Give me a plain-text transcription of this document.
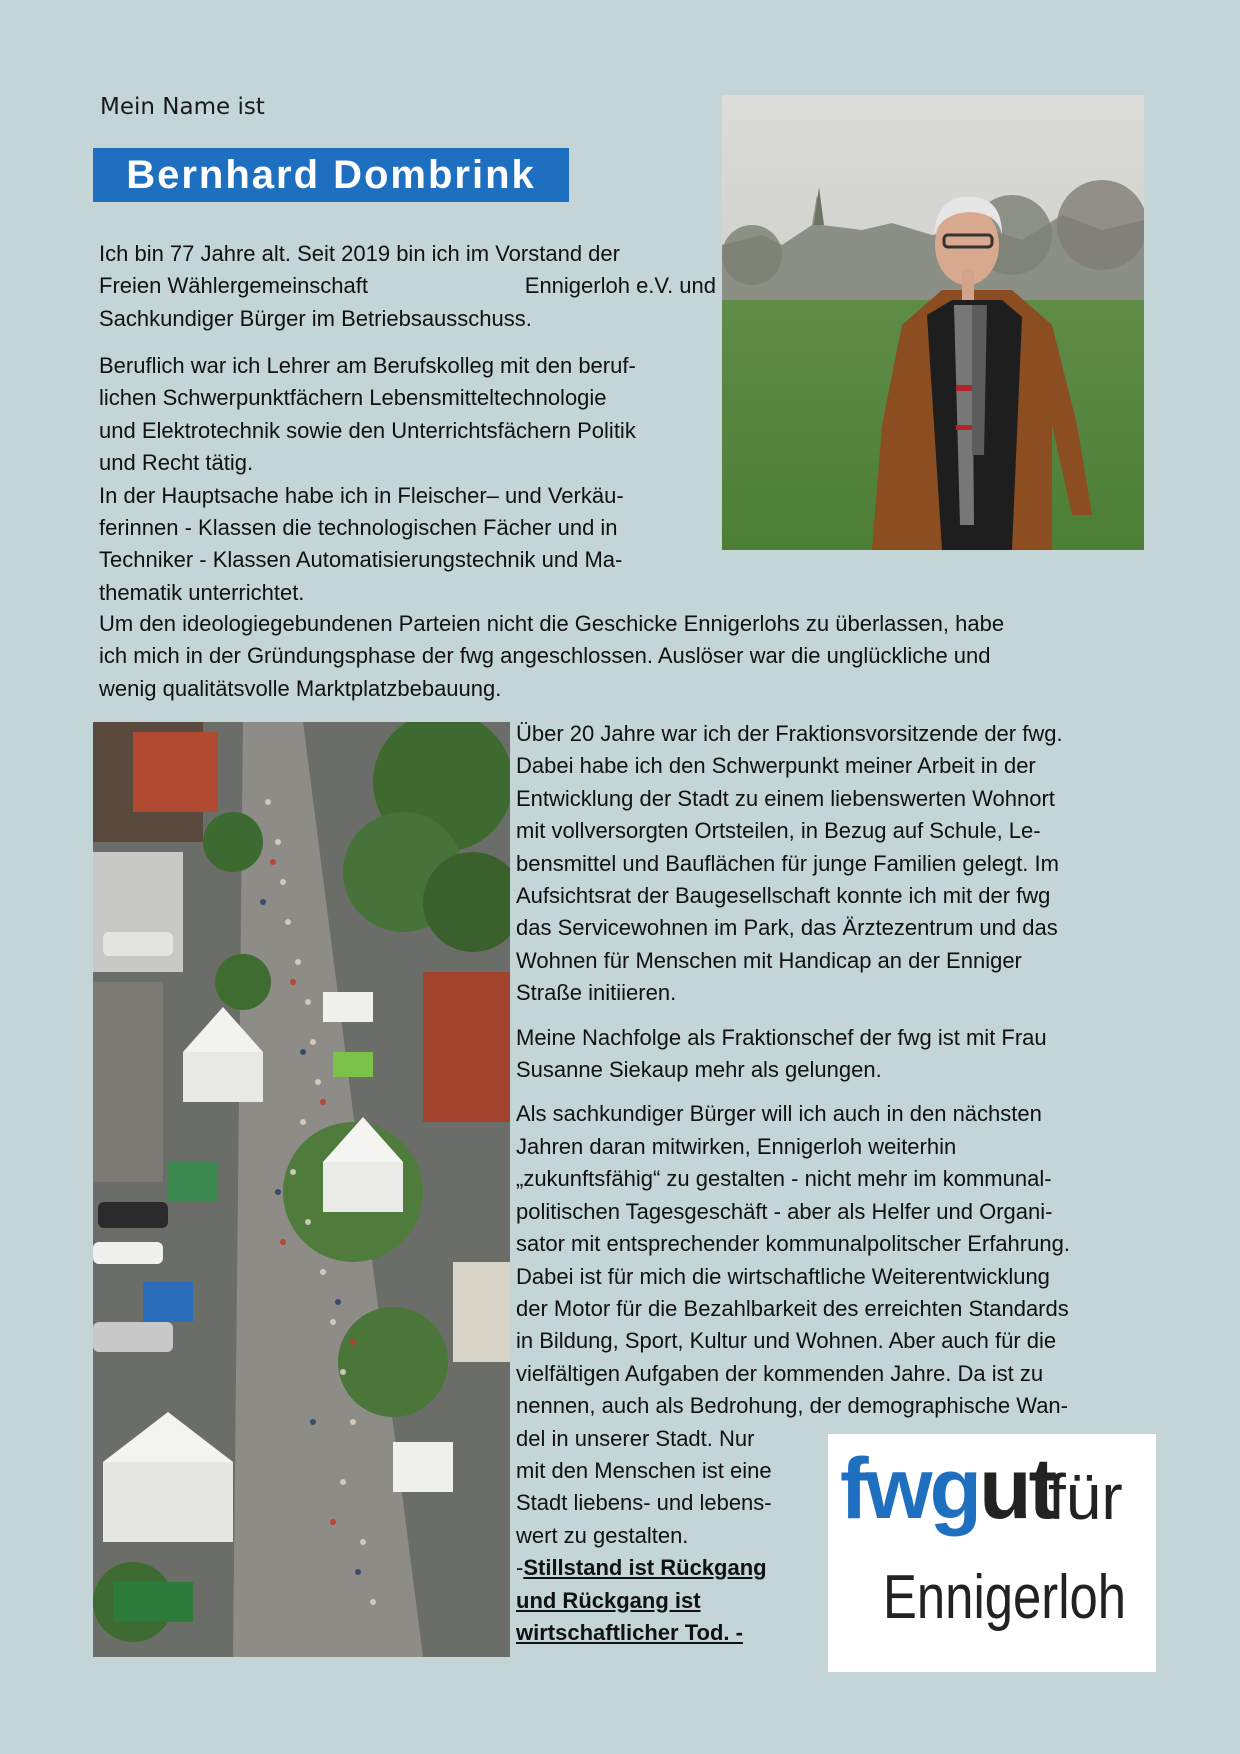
Mein Name ist
Bernhard Dombrink
Ich bin 77 Jahre alt. Seit 2019 bin ich im Vorstand der
Freien Wählergemeinschaft	Ennigerloh e.V. und
Sachkundiger Bürger im Betriebsausschuss.
Beruflich war ich Lehrer am Berufskolleg mit den beruf-
lichen Schwerpunktfächern Lebensmitteltechnologie
und Elektrotechnik sowie den Unterrichtsfächern Politik
und Recht tätig.
In der Hauptsache habe ich in Fleischer– und Verkäu-
ferinnen - Klassen die technologischen Fächer und in
Techniker - Klassen Automatisierungstechnik und Ma-
thematik unterrichtet.
Um den ideologiegebundenen Parteien nicht die Geschicke Ennigerlohs zu überlassen, habe
ich mich in der Gründungsphase der fwg angeschlossen. Auslöser war die unglückliche und
wenig qualitätsvolle Marktplatzbebauung.

Über 20 Jahre war ich der Fraktionsvorsitzende der fwg.
Dabei habe ich den Schwerpunkt meiner Arbeit in der
Entwicklung der Stadt zu einem liebenswerten Wohnort
mit vollversorgten Ortsteilen, in Bezug auf Schule, Le-
bensmittel und Bauflächen für junge Familien gelegt. Im
Aufsichtsrat der Baugesellschaft konnte ich mit der fwg
das Servicewohnen im Park, das Ärztezentrum und das
Wohnen für Menschen mit Handicap an der Enniger
Straße initiieren.

Meine Nachfolge als Fraktionschef der fwg ist mit Frau
Susanne Siekaup mehr als gelungen.

Als sachkundiger Bürger will ich auch in den nächsten
Jahren daran mitwirken, Ennigerloh weiterhin
„zukunftsfähig“ zu gestalten - nicht mehr im kommunal-
politischen Tagesgeschäft - aber als Helfer und Organi-
sator mit entsprechender kommunalpolitscher Erfahrung.
Dabei ist für mich die wirtschaftliche Weiterentwicklung
der Motor für die Bezahlbarkeit des erreichten Standards
in Bildung, Sport, Kultur und Wohnen. Aber auch für die
vielfältigen Aufgaben der kommenden Jahre. Da ist zu
nennen, auch als Bedrohung, der demographische Wan-
del in unserer Stadt. Nur
mit den Menschen ist eine
Stadt liebens- und lebens-
wert zu gestalten.
-Stillstand ist Rückgang
und Rückgang ist
wirtschaftlicher Tod. -

fwgut
für
Ennigerloh
